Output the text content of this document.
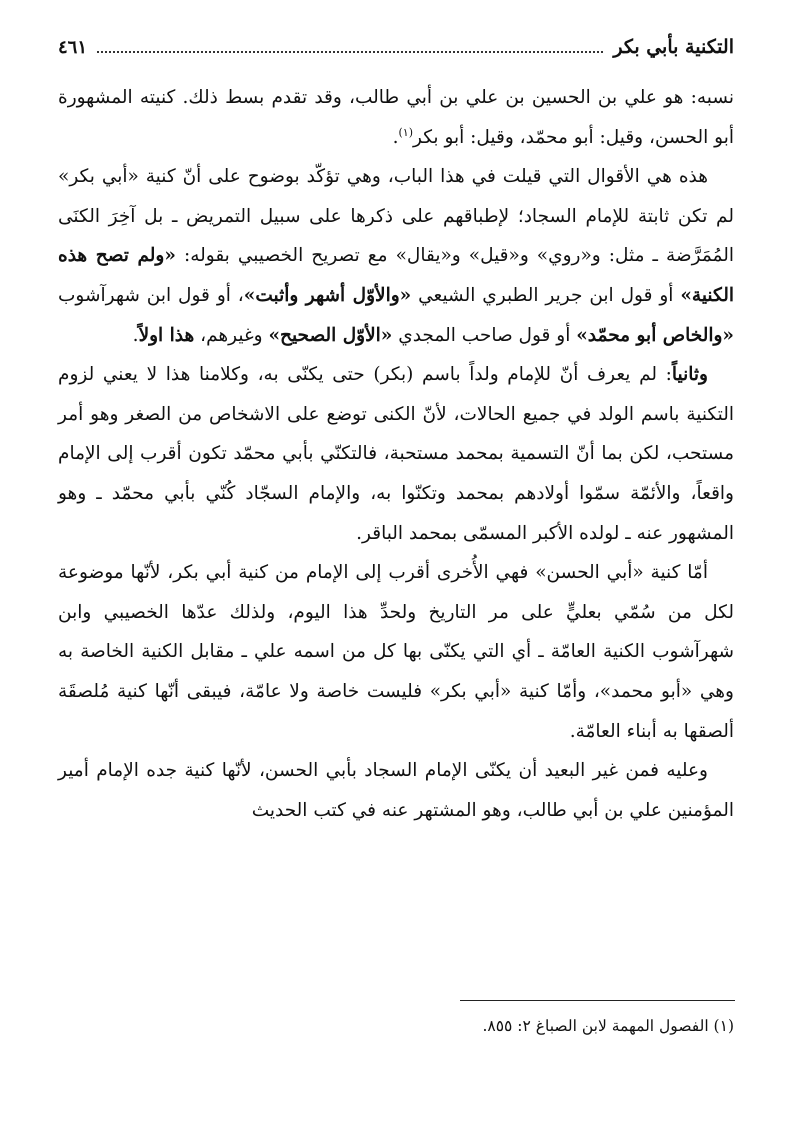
التكنية بأبي بكر
٤٦١

نسبه: هو علي بن الحسين بن علي بن أبي طالب، وقد تقدم بسط ذلك. كنيته المشهورة أبو الحسن، وقيل: أبو محمّد، وقيل: أبو بكر$^{(١)}$.

هذه هي الأقوال التي قيلت في هذا الباب، وهي تؤكّد بوضوح على أنّ كنية «أبي بكر» لم تكن ثابتة للإمام السجاد؛ لإطباقهم على ذكرها على سبيل التمريض ـ بل آخِرَ الكنَى المُمَرَّضة ـ مثل: و«روي» و«قيل» و«يقال» مع تصريح الخصيبي بقوله: «ولم تصح هذه الكنية» أو قول ابن جرير الطبري الشيعي «والأوّل أشهر وأثبت»، أو قول ابن شهرآشوب «والخاص أبو محمّد» أو قول صاحب المجدي «الأوّل الصحيح» وغيرهم، هذا اولاً.

وثانياً: لم يعرف أنّ للإمام ولداً باسم (بكر) حتى يكنّى به، وكلامنا هذا لا يعني لزوم التكنية باسم الولد في جميع الحالات، لأنّ الكنى توضع على الاشخاص من الصغر وهو أمر مستحب، لكن بما أنّ التسمية بمحمد مستحبة، فالتكنّي بأبي محمّد تكون أقرب إلى الإمام واقعاً، والأئمّة سمّوا أولادهم بمحمد وتكنّوا به، والإمام السجّاد كُنّي بأبي محمّد ـ وهو المشهور عنه ـ لولده الأكبر المسمّى بمحمد الباقر.

أمّا كنية «أبي الحسن» فهي الأُخرى أقرب إلى الإمام من كنية أبي بكر، لأنّها موضوعة لكل من سُمّي بعليٍّ على مر التاريخ ولحدِّ هذا اليوم، ولذلك عدّها الخصيبي وابن شهرآشوب الكنية العامّة ـ أي التي يكنّى بها كل من اسمه علي ـ مقابل الكنية الخاصة به وهي «أبو محمد»، وأمّا كنية «أبي بكر» فليست خاصة ولا عامّة، فيبقى أنّها كنية مُلصقَة ألصقها به أبناء العامّة.

وعليه فمن غير البعيد أن يكنّى الإمام السجاد بأبي الحسن، لأنّها كنية جده الإمام أمير المؤمنين علي بن أبي طالب، وهو المشتهر عنه في كتب الحديث

(١) الفصول المهمة لابن الصباغ ٢: ٨٥٥.
